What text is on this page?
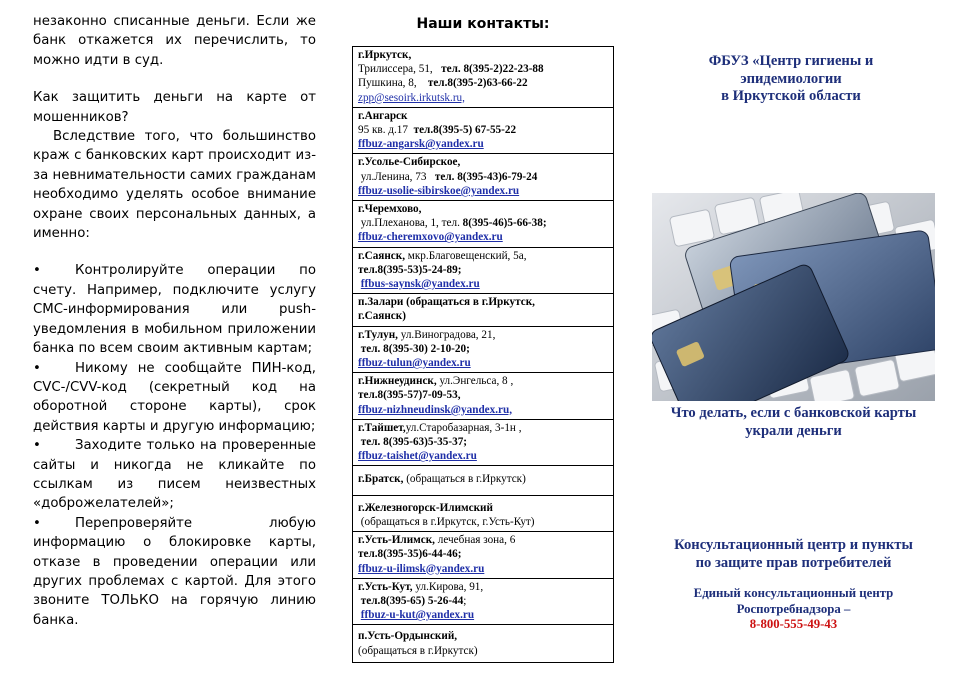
незаконно списанные деньги. Если же банк откажется их перечислить, то можно идти в суд.

Как защитить деньги на карте от мошенников?

Вследствие того, что большинство краж с банковских карт происходит из-за невнимательности самих гражданам необходимо уделять особое внимание охране своих персональных данных, а именно:

•	Контролируйте операции по счету. Например, подключите услугу СМС-информирования или push-уведомления в мобильном приложении банка по всем своим активным картам;

•	Никому не сообщайте ПИН-код, CVC-/CVV-код (секретный код на оборотной стороне карты), срок действия карты и другую информацию;

•	Заходите только на проверенные сайты и никогда не кликайте по ссылкам из писем неизвестных «доброжелателей»;

•	Перепроверяйте любую информацию о блокировке карты, отказе в проведении операции или других проблемах с картой. Для этого звоните ТОЛЬКО на горячую линию банка.

Наши контакты:
г.Иркутск,
Трилиссера, 51, тел. 8(395-2)22-23-88
Пушкина, 8, тел.8(395-2)63-66-22
zpp@sesoirk.irkutsk.ru,
г.Ангарск
95 кв. д.17 тел.8(395-5) 67-55-22
ffbuz-angarsk@yandex.ru
г.Усолье-Сибирское,
ул.Ленина, 73 тел. 8(395-43)6-79-24
ffbuz-usolie-sibirskoe@yandex.ru
г.Черемхово,
ул.Плеханова, 1, тел. 8(395-46)5-66-38;
ffbuz-cheremxovo@yandex.ru
г.Саянск, мкр.Благовещенский, 5а,
тел.8(395-53)5-24-89;
ffbus-saynsk@yandex.ru
п.Залари (обращаться в г.Иркутск,
г.Саянск)
г.Тулун, ул.Виноградова, 21,
тел. 8(395-30) 2-10-20;
ffbuz-tulun@yandex.ru
г.Нижнеудинск, ул.Энгельса, 8 ,
тел.8(395-57)7-09-53,
ffbuz-nizhneudinsk@yandex.ru,
г.Тайшет,ул.Старобазарная, 3-1н ,
тел. 8(395-63)5-35-37;
ffbuz-taishet@yandex.ru
г.Братск, (обращаться в г.Иркутск)
г.Железногорск-Илимский
(обращаться в г.Иркутск, г.Усть-Кут)
г.Усть-Илимск, лечебная зона, 6
тел.8(395-35)6-44-46;
ffbuz-u-ilimsk@yandex.ru
г.Усть-Кут, ул.Кирова, 91,
тел.8(395-65) 5-26-44;
ffbuz-u-kut@yandex.ru
п.Усть-Ордынский,
(обращаться в г.Иркутск)
ФБУЗ «Центр гигиены и
эпидемиологии
в Иркутской области
Что делать, если с банковской карты
украли деньги
Консультационный центр и пункты
по защите прав потребителей
Единый консультационный центр
Роспотребнадзора –
8-800-555-49-43
